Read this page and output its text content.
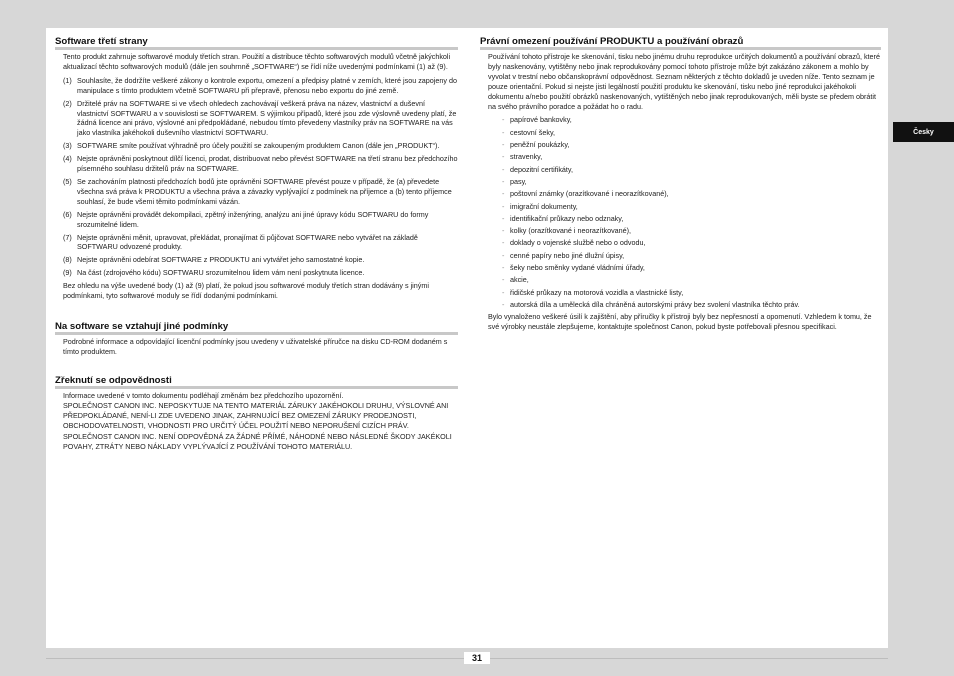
Česky
Software třetí strany

Tento produkt zahrnuje softwarové moduly třetích stran. Použití a distribuce těchto softwarových modulů včetně jakýchkoli aktualizací těchto softwarových modulů (dále jen souhrnně „SOFTWARE“) se řídí níže uvedenými podmínkami (1) až (9).

(1) Souhlasíte, že dodržíte veškeré zákony o kontrole exportu, omezení a předpisy platné v zemích, které jsou zapojeny do manipulace s tímto produktem včetně SOFTWARU při přepravě, přenosu nebo exportu do jiné země.
(2) Držitelé práv na SOFTWARE si ve všech ohledech zachovávají veškerá práva na název, vlastnictví a duševní vlastnictví SOFTWARU a v souvislosti se SOFTWAREM. S výjimkou případů, které jsou zde výslovně uvedeny platí, že žádná licence ani právo, výslovné ani předpokládané, nebudou tímto převedeny vlastníky práv na SOFTWARE na vás jako vlastníka jakéhokoli duševního vlastnictví SOFTWARU.
(3) SOFTWARE smíte používat výhradně pro účely použití se zakoupeným produktem Canon (dále jen „PRODUKT“).
(4) Nejste oprávněni poskytnout dílčí licenci, prodat, distribuovat nebo převést SOFTWARE na třetí stranu bez předchozího písemného souhlasu držitelů práv na SOFTWARE.
(5) Se zachováním platnosti předchozích bodů jste oprávněni SOFTWARE převést pouze v případě, že (a) převedete všechna svá práva k PRODUKTU a všechna práva a závazky vyplývající z podmínek na příjemce a (b) tento příjemce souhlasí, že bude všemi těmito podmínkami vázán.
(6) Nejste oprávněni provádět dekompilaci, zpětný inženýring, analýzu ani jiné úpravy kódu SOFTWARU do formy srozumitelné lidem.
(7) Nejste oprávněni měnit, upravovat, překládat, pronajímat či půjčovat SOFTWARE nebo vytvářet na základě SOFTWARU odvozené produkty.
(8) Nejste oprávněni odebírat SOFTWARE z PRODUKTU ani vytvářet jeho samostatné kopie.
(9) Na část (zdrojového kódu) SOFTWARU srozumitelnou lidem vám není poskytnuta licence.

Bez ohledu na výše uvedené body (1) až (9) platí, že pokud jsou softwarové moduly třetích stran dodávány s jinými podmínkami, tyto softwarové moduly se řídí dodanými podmínkami.

Na software se vztahují jiné podmínky

Podrobné informace a odpovídající licenční podmínky jsou uvedeny v uživatelské příručce na disku CD-ROM dodaném s tímto produktem.

Zřeknutí se odpovědnosti

Informace uvedené v tomto dokumentu podléhají změnám bez předchozího upozornění.

SPOLEČNOST CANON INC. NEPOSKYTUJE NA TENTO MATERIÁL ZÁRUKY JAKÉHOKOLI DRUHU, VÝSLOVNÉ ANI PŘEDPOKLÁDANÉ, NENÍ-LI ZDE UVEDENO JINAK, ZAHRNUJÍCÍ BEZ OMEZENÍ ZÁRUKY PRODEJNOSTI, OBCHODOVATELNOSTI, VHODNOSTI PRO URČITÝ ÚČEL POUŽITÍ NEBO NEPORUŠENÍ CIZÍCH PRÁV. SPOLEČNOST CANON INC. NENÍ ODPOVĚDNÁ ZA ŽÁDNÉ PŘÍMÉ, NÁHODNÉ NEBO NÁSLEDNÉ ŠKODY JAKÉKOLI POVAHY, ZTRÁTY NEBO NÁKLADY VYPLÝVAJÍCÍ Z POUŽÍVÁNÍ TOHOTO MATERIÁLU.

Právní omezení používání PRODUKTU a používání obrazů

Používání tohoto přístroje ke skenování, tisku nebo jinému druhu reprodukce určitých dokumentů a používání obrazů, které byly naskenovány, vytištěny nebo jinak reprodukovány pomocí tohoto přístroje může být zakázáno zákonem a mohlo by vyvolat v trestní nebo občanskoprávní odpovědnost. Seznam některých z těchto dokladů je uveden níže. Tento seznam je pouze orientační. Pokud si nejste jisti legálností použití produktu ke skenování, tisku nebo jiné reprodukci jakéhokoli dokumentu a/nebo použití obrázků naskenovaných, vytištěných nebo jinak reprodukovaných, měli byste se předem obrátit na svého právního poradce a požádat ho o radu.

- papírové bankovky,
- cestovní šeky,
- peněžní poukázky,
- stravenky,
- depozitní certifikáty,
- pasy,
- poštovní známky (orazítkované i neorazítkované),
- imigrační dokumenty,
- identifikační průkazy nebo odznaky,
- kolky (orazítkované i neorazítkované),
- doklady o vojenské službě nebo o odvodu,
- cenné papíry nebo jiné dlužní úpisy,
- šeky nebo směnky vydané vládními úřady,
- akcie,
- řidičské průkazy na motorová vozidla a vlastnické listy,
- autorská díla a umělecká díla chráněná autorskými právy bez svolení vlastníka těchto práv.

Bylo vynaloženo veškeré úsilí k zajištění, aby příručky k přístroji byly bez nepřesností a opomenutí. Vzhledem k tomu, že své výrobky neustále zlepšujeme, kontaktujte společnost Canon, pokud byste potřebovali přesnou specifikaci.

31
